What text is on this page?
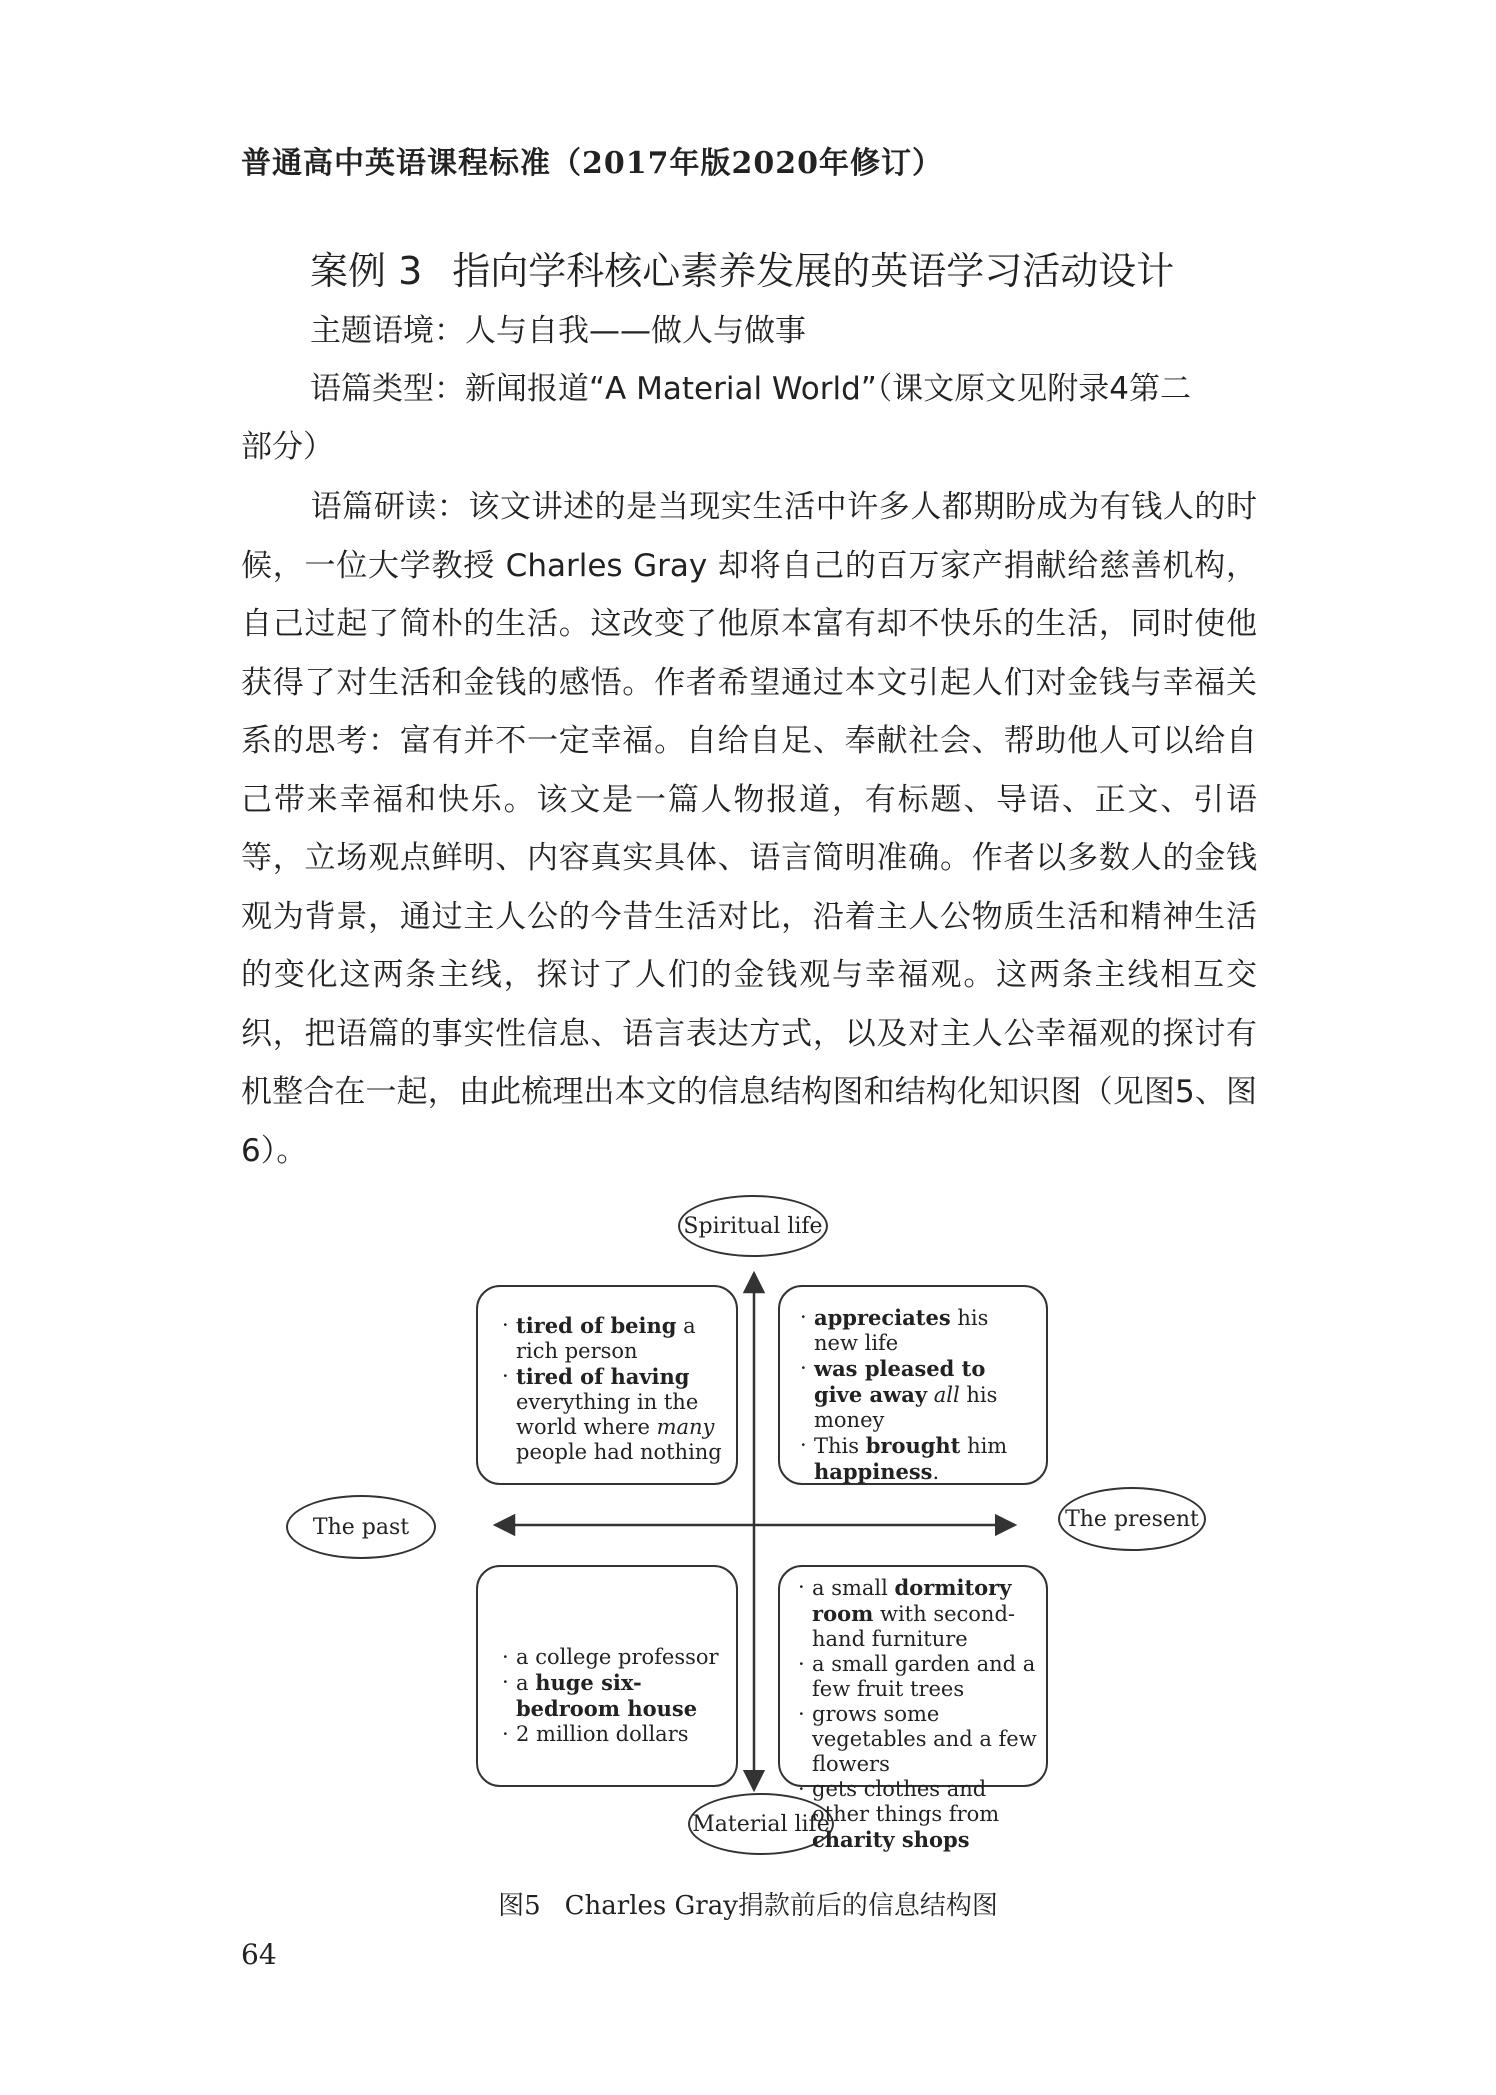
普通高中英语课程标准（2017年版2020年修订）
案例 3 指向学科核心素养发展的英语学习活动设计
主题语境：人与自我——做人与做事
语篇类型：新闻报道“A Material World”（课文原文见附录4第二
部分）
语篇研读：该文讲述的是当现实生活中许多人都期盼成为有钱人的时候，一位大学教授 Charles Gray 却将自己的百万家产捐献给慈善机构，自己过起了简朴的生活。这改变了他原本富有却不快乐的生活，同时使他获得了对生活和金钱的感悟。作者希望通过本文引起人们对金钱与幸福关系的思考：富有并不一定幸福。自给自足、奉献社会、帮助他人可以给自己带来幸福和快乐。该文是一篇人物报道，有标题、导语、正文、引语等，立场观点鲜明、内容真实具体、语言简明准确。作者以多数人的金钱观为背景，通过主人公的今昔生活对比，沿着主人公物质生活和精神生活的变化这两条主线，探讨了人们的金钱观与幸福观。这两条主线相互交织，把语篇的事实性信息、语言表达方式，以及对主人公幸福观的探讨有机整合在一起，由此梳理出本文的信息结构图和结构化知识图（见图5、图6）。
Spiritual life
Material life
The past	The present
· tired of being a rich person
· tired of having everything in the world where many people had nothing
· appreciates his new life
· was pleased to give away all his money
· This brought him happiness.
· a college professor
· a huge six-bedroom house
· 2 million dollars
· a small dormitory room with second-hand furniture
· a small garden and a few fruit trees
· grows some vegetables and a few flowers
· gets clothes and other things from charity shops
图5 Charles Gray捐款前后的信息结构图
64
